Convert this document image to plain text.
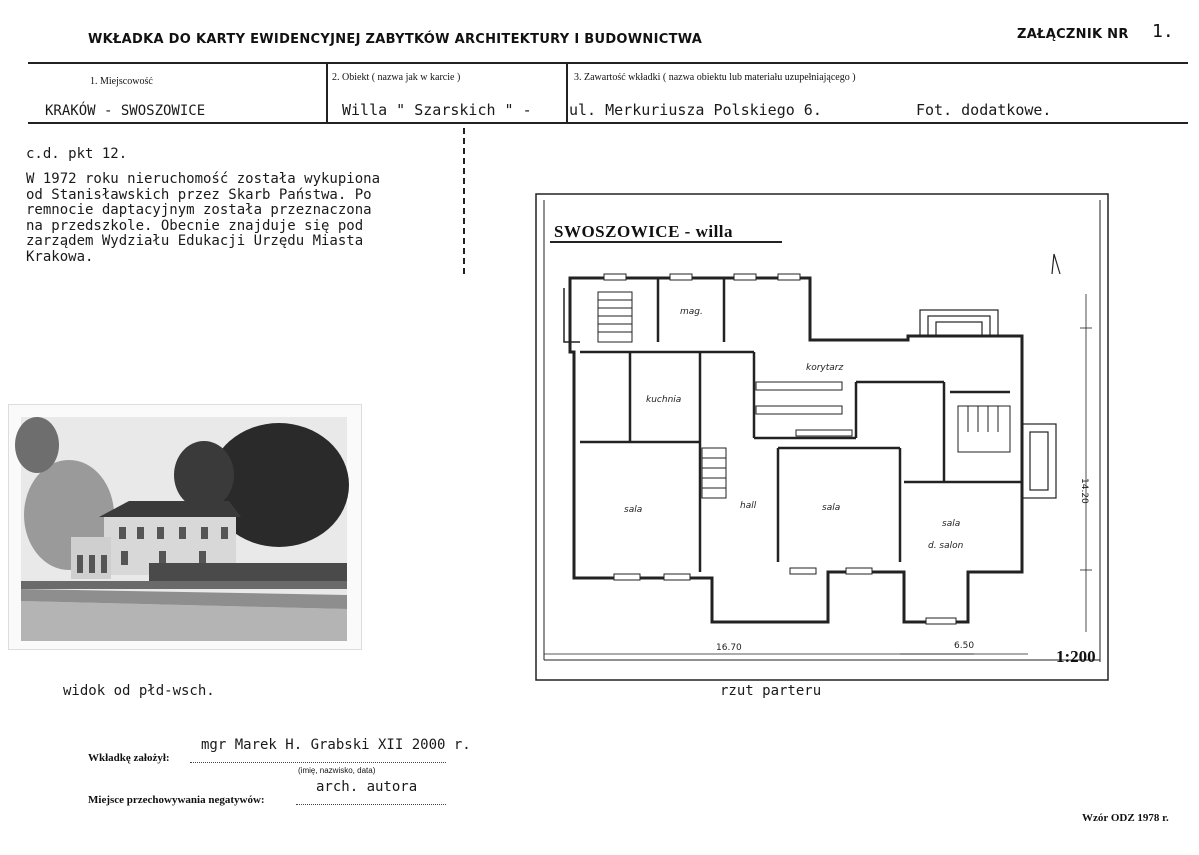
WKŁADKA DO KARTY EWIDENCYJNEJ ZABYTKÓW ARCHITEKTURY I BUDOWNICTWA	ZAŁĄCZNIK NR 1.
1. Miejscowość	2. Obiekt ( nazwa jak w karcie )	3. Zawartość wkładki ( nazwa obiektu lub materiału uzupełniającego )
KRAKÓW - SWOSZOWICE	Willa " Szarskich " - ul. Merkuriusza Polskiego 6.	Fot. dodatkowe.
c.d. pkt 12.
W 1972 roku nieruchomość została wykupiona
od Stanisławskich przez Skarb Państwa. Po
remnocie daptacyjnym została przeznaczona
na przedszkole. Obecnie znajduje się pod
zarządem Wydziału Edukacji Urzędu Miasta
Krakowa.
widok od płd-wsch.
mag.
kuchnia
korytarz
sala	hall	sala
sala
d. salon
16.70	6.50
14.20
SWOSZOWICE - willa
1:200
rzut parteru
Wkładkę założył:
mgr Marek H. Grabski XII 2000 r.
(imię, nazwisko, data)
Miejsce przechowywania negatywów:
arch. autora
Wzór ODZ 1978 r.
